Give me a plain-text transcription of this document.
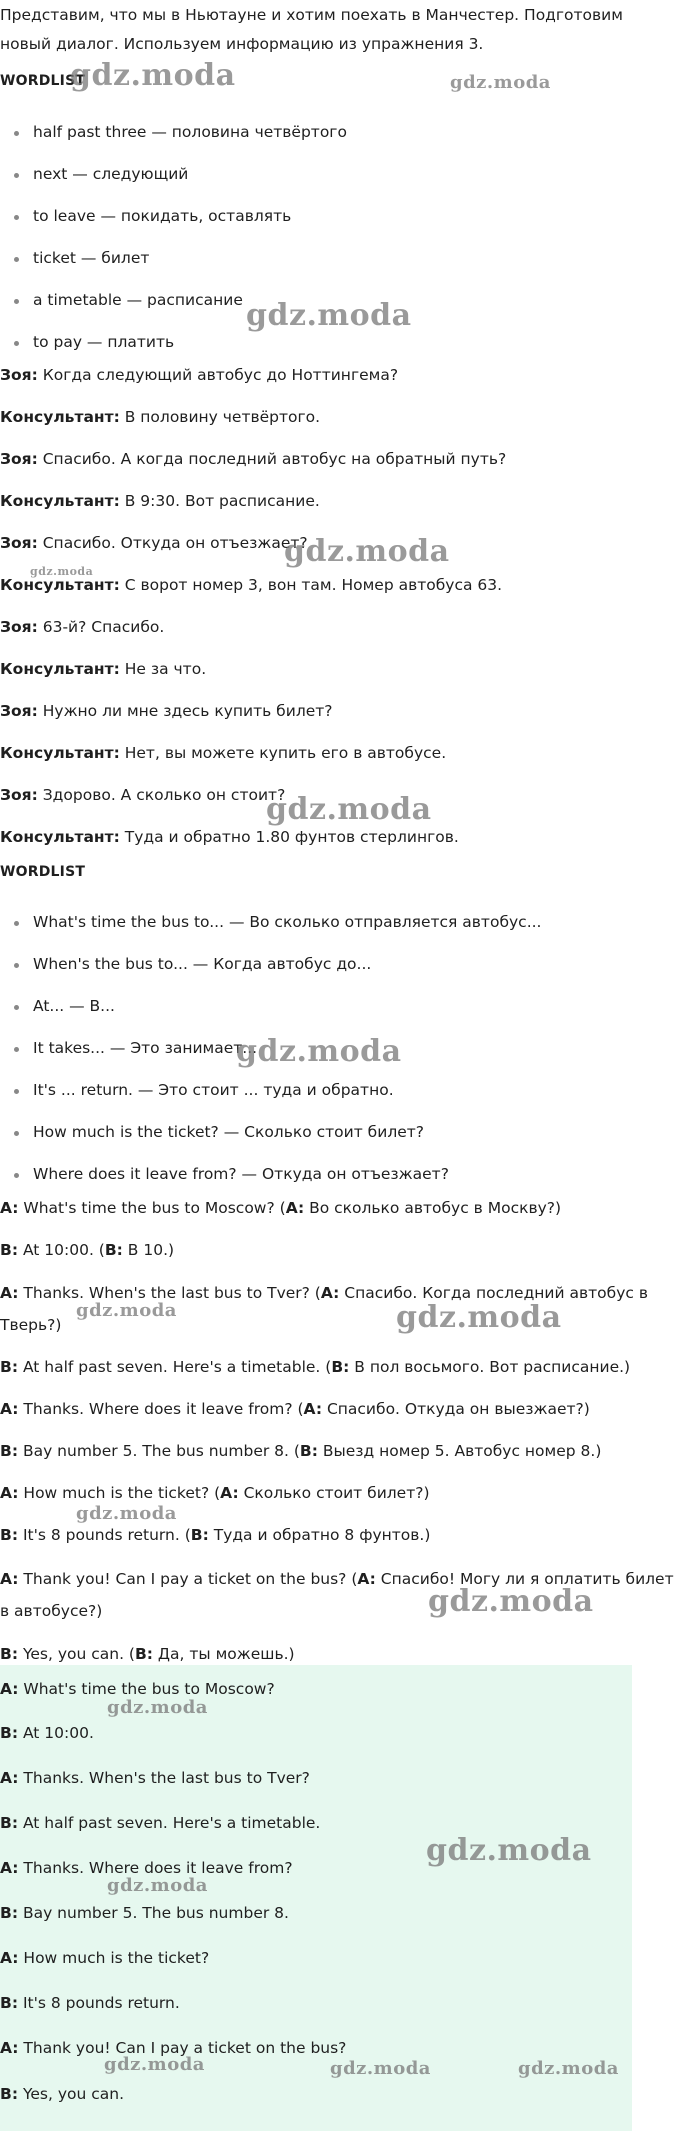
Представим, что мы в Ньютауне и хотим поехать в Манчестер. Подготовим
новый диалог. Используем информацию из упражнения 3.
WORDLIST
half past three — половина четвёртого
next — следующий
to leave — покидать, оставлять
ticket — билет
a timetable — расписание
to pay — платить
Зоя: Когда следующий автобус до Ноттингема?
Консультант: В половину четвёртого.
Зоя: Спасибо. А когда последний автобус на обратный путь?
Консультант: В 9:30. Вот расписание.
Зоя: Спасибо. Откуда он отъезжает?
Консультант: С ворот номер 3, вон там. Номер автобуса 63.
Зоя: 63-й? Спасибо.
Консультант: Не за что.
Зоя: Нужно ли мне здесь купить билет?
Консультант: Нет, вы можете купить его в автобусе.
Зоя: Здорово. А сколько он стоит?
Консультант: Туда и обратно 1.80 фунтов стерлингов.
WORDLIST
What's time the bus to... — Во сколько отправляется автобус...
When's the bus to... — Когда автобус до...
At... — В...
It takes... — Это занимает...
It's ... return. — Это стоит ... туда и обратно.
How much is the ticket? — Сколько стоит билет?
Where does it leave from? — Откуда он отъезжает?
A: What's time the bus to Moscow? (A: Во сколько автобус в Москву?)
B: At 10:00. (B: В 10.)
A: Thanks. When's the last bus to Tver? (A: Спасибо. Когда последний автобус в
Тверь?)
B: At half past seven. Here's a timetable. (B: В пол восьмого. Вот расписание.)
A: Thanks. Where does it leave from? (A: Спасибо. Откуда он выезжает?)
B: Bay number 5. The bus number 8. (B: Выезд номер 5. Автобус номер 8.)
A: How much is the ticket? (A: Сколько стоит билет?)
B: It's 8 pounds return. (B: Туда и обратно 8 фунтов.)
A: Thank you! Can I pay a ticket on the bus? (A: Спасибо! Могу ли я оплатить билет
в автобусе?)
B: Yes, you can. (B: Да, ты можешь.)
A: What's time the bus to Moscow?
B: At 10:00.
A: Thanks. When's the last bus to Tver?
B: At half past seven. Here's a timetable.
A: Thanks. Where does it leave from?
B: Bay number 5. The bus number 8.
A: How much is the ticket?
B: It's 8 pounds return.
A: Thank you! Can I pay a ticket on the bus?
B: Yes, you can.
gdz.moda	gdz.moda
gdz.moda
gdz.moda
gdz.moda
gdz.moda
gdz.moda
gdz.moda	gdz.moda
gdz.moda
gdz.moda
gdz.moda
gdz.moda
gdz.moda
gdz.moda	gdz.moda	gdz.moda
